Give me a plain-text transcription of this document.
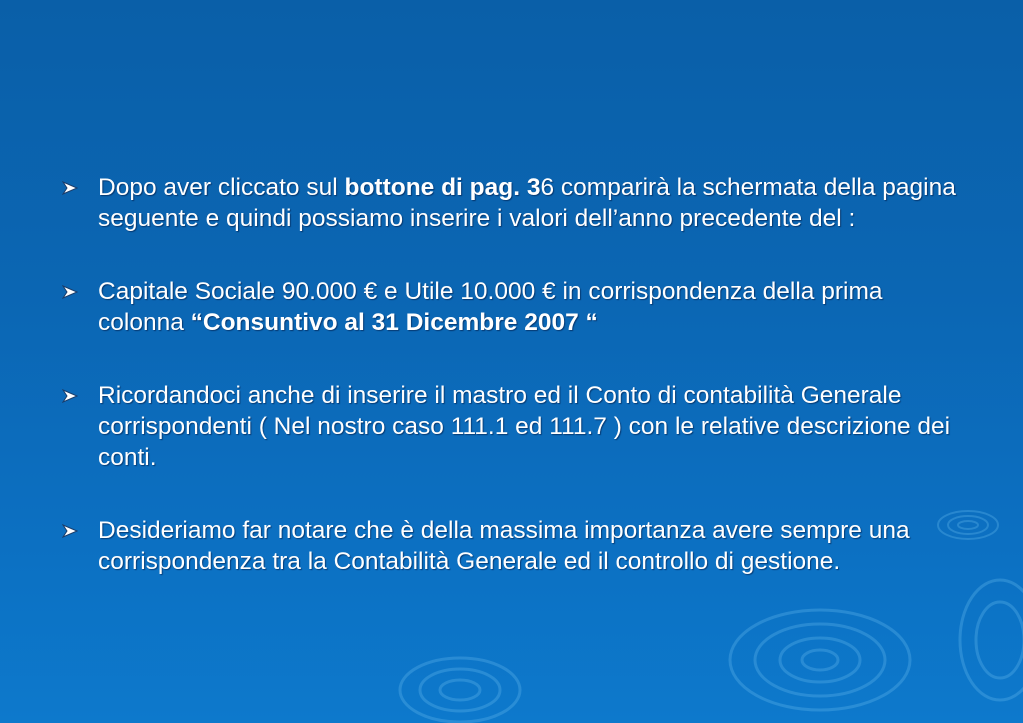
Dopo aver cliccato sul bottone di pag. 36 comparirà la schermata della pagina seguente e quindi possiamo inserire i valori dell’anno precedente del :
Capitale Sociale 90.000 € e Utile 10.000 € in corrispondenza della prima colonna “Consuntivo al 31 Dicembre 2007 “
Ricordandoci anche di inserire il mastro ed il Conto di contabilità Generale corrispondenti ( Nel nostro caso 111.1 ed 111.7 ) con le relative descrizione dei conti.
Desideriamo far notare che è della massima importanza avere sempre una corrispondenza tra la Contabilità Generale ed il controllo di gestione.
